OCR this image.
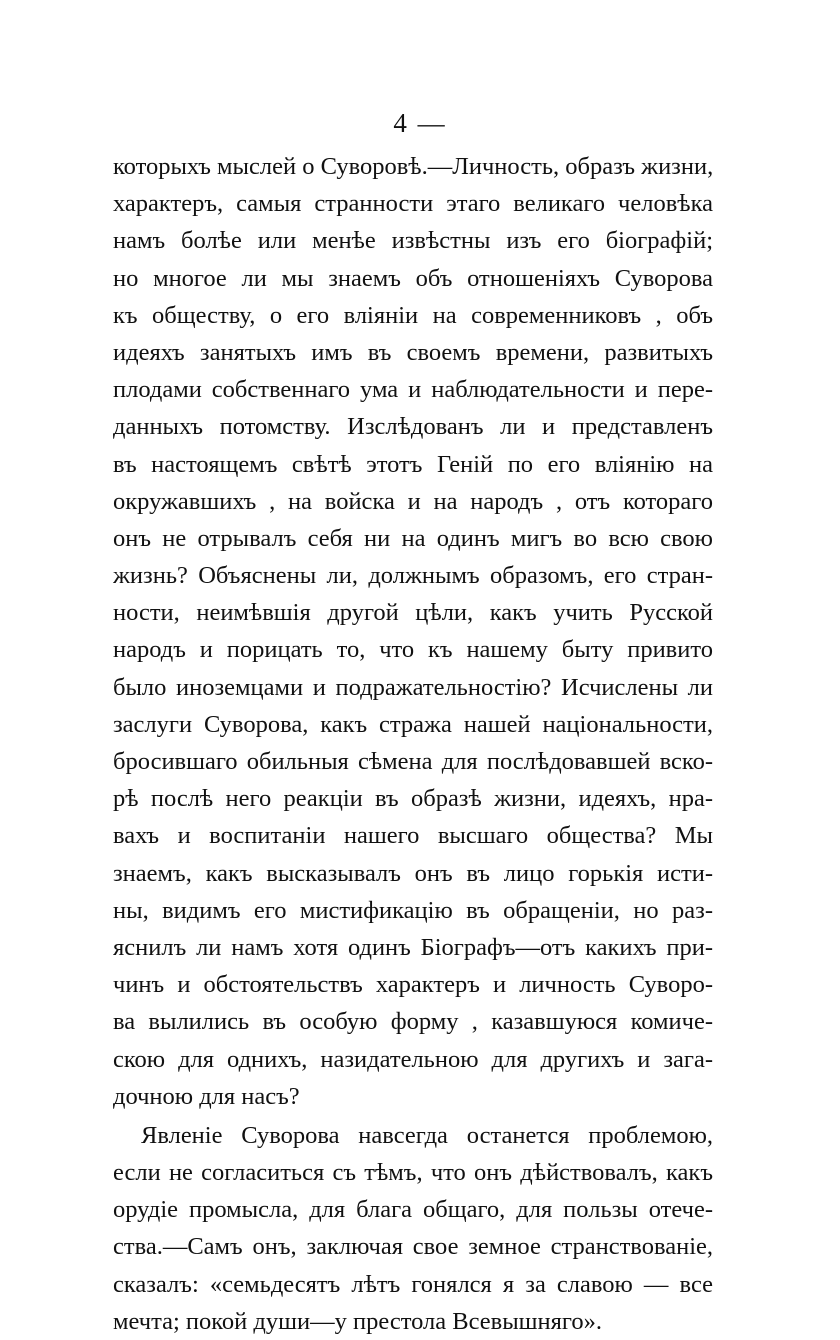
4 —
которыхъ мыслей о Суворовѣ.—Личность, образъ жизни,
характеръ, самыя странности этаго великаго человѣка
намъ болѣе или менѣе извѣстны изъ его біографій;
но многое ли мы знаемъ объ отношеніяхъ Суворова
къ обществу, о его вліяніи на современниковъ , объ
идеяхъ занятыхъ имъ въ своемъ времени, развитыхъ
плодами собственнаго ума и наблюдательности и пере-
данныхъ потомству. Изслѣдованъ ли и представленъ
въ настоящемъ свѣтѣ этотъ Геній по его вліянію на
окружавшихъ , на войска и на народъ , отъ котораго
онъ не отрывалъ себя ни на одинъ мигъ во всю свою
жизнь? Объяснены ли, должнымъ образомъ, его стран-
ности, неимѣвшія другой цѣли, какъ учить Русской
народъ и порицать то, что къ нашему быту привито
было иноземцами и подражательностію? Исчислены ли
заслуги Суворова, какъ стража нашей національности,
бросившаго обильныя сѣмена для послѣдовавшей вско-
рѣ послѣ него реакціи въ образѣ жизни, идеяхъ, нра-
вахъ и воспитаніи нашего высшаго общества? Мы
знаемъ, какъ высказывалъ онъ въ лицо горькія исти-
ны, видимъ его мистификацію въ обращеніи, но раз-
яснилъ ли намъ хотя одинъ Біографъ—отъ какихъ при-
чинъ и обстоятельствъ характеръ и личность Суворо-
ва вылились въ особую форму , казавшуюся комиче-
скою для однихъ, назидательною для другихъ и зага-
дочною для насъ?
Явленіе Суворова навсегда останется проблемою,
если не согласиться съ тѣмъ, что онъ дѣйствовалъ, какъ
орудіе промысла, для блага общаго, для пользы отече-
ства.—Самъ онъ, заключая свое земное странствованіе,
сказалъ: «семьдесятъ лѣтъ гонялся я за славою — все
мечта; покой души—у престола Всевышняго».
